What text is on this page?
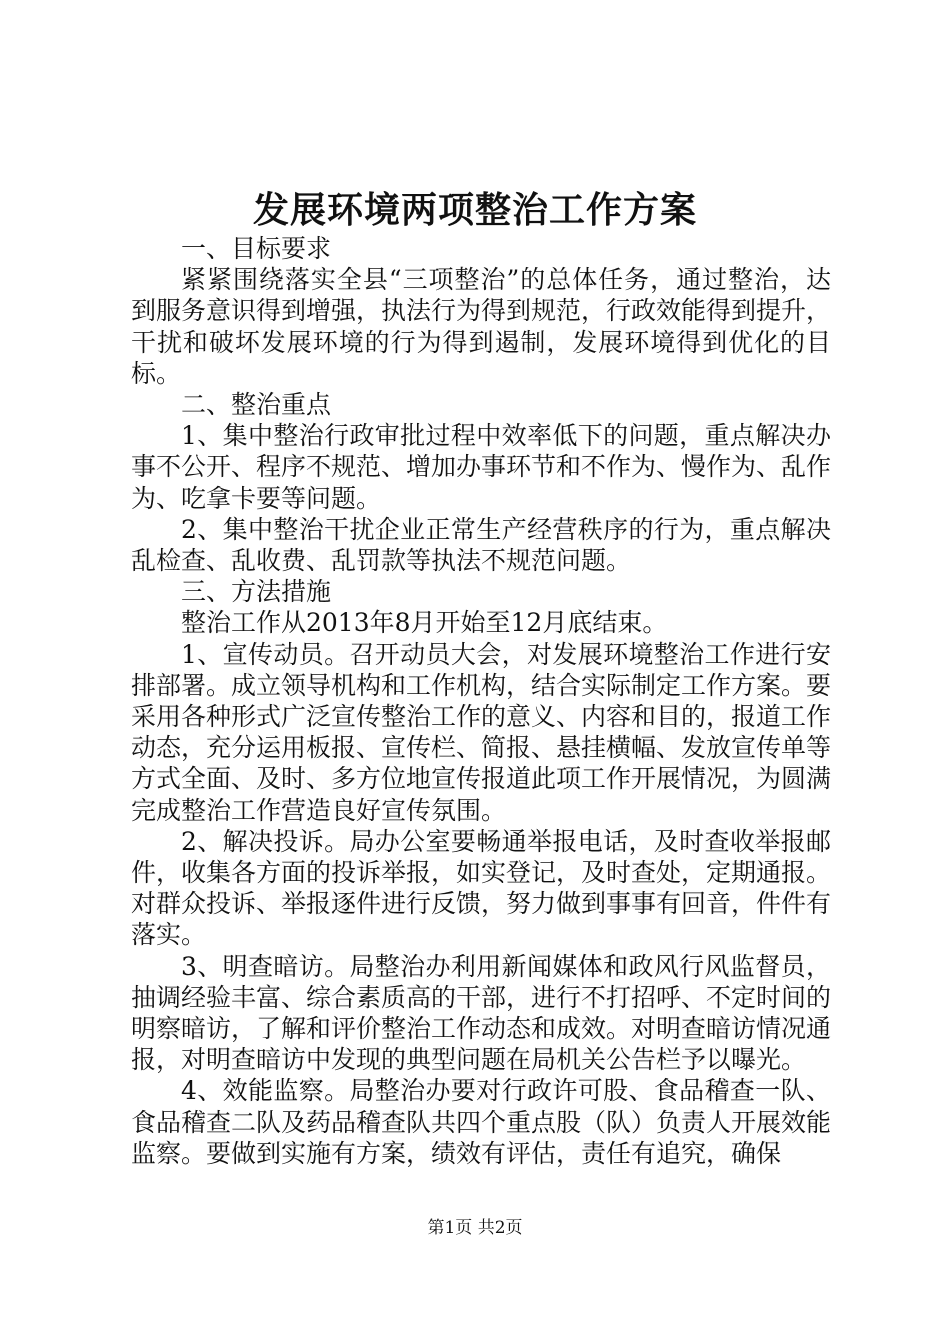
发展环境两项整治工作方案

一、目标要求

紧紧围绕落实全县“三项整治”的总体任务，通过整治，达到服务意识得到增强，执法行为得到规范，行政效能得到提升，干扰和破坏发展环境的行为得到遏制，发展环境得到优化的目标。

二、整治重点

1、集中整治行政审批过程中效率低下的问题，重点解决办事不公开、程序不规范、增加办事环节和不作为、慢作为、乱作为、吃拿卡要等问题。

2、集中整治干扰企业正常生产经营秩序的行为，重点解决乱检查、乱收费、乱罚款等执法不规范问题。

三、方法措施

整治工作从2013年8月开始至12月底结束。

1、宣传动员。召开动员大会，对发展环境整治工作进行安排部署。成立领导机构和工作机构，结合实际制定工作方案。要采用各种形式广泛宣传整治工作的意义、内容和目的，报道工作动态，充分运用板报、宣传栏、简报、悬挂横幅、发放宣传单等方式全面、及时、多方位地宣传报道此项工作开展情况，为圆满完成整治工作营造良好宣传氛围。

2、解决投诉。局办公室要畅通举报电话，及时查收举报邮件，收集各方面的投诉举报，如实登记，及时查处，定期通报。对群众投诉、举报逐件进行反馈，努力做到事事有回音，件件有落实。

3、明查暗访。局整治办利用新闻媒体和政风行风监督员，抽调经验丰富、综合素质高的干部，进行不打招呼、不定时间的明察暗访，了解和评价整治工作动态和成效。对明查暗访情况通报，对明查暗访中发现的典型问题在局机关公告栏予以曝光。

4、效能监察。局整治办要对行政许可股、食品稽查一队、食品稽查二队及药品稽查队共四个重点股（队）负责人开展效能监察。要做到实施有方案，绩效有评估，责任有追究，确保

第1页 共2页
